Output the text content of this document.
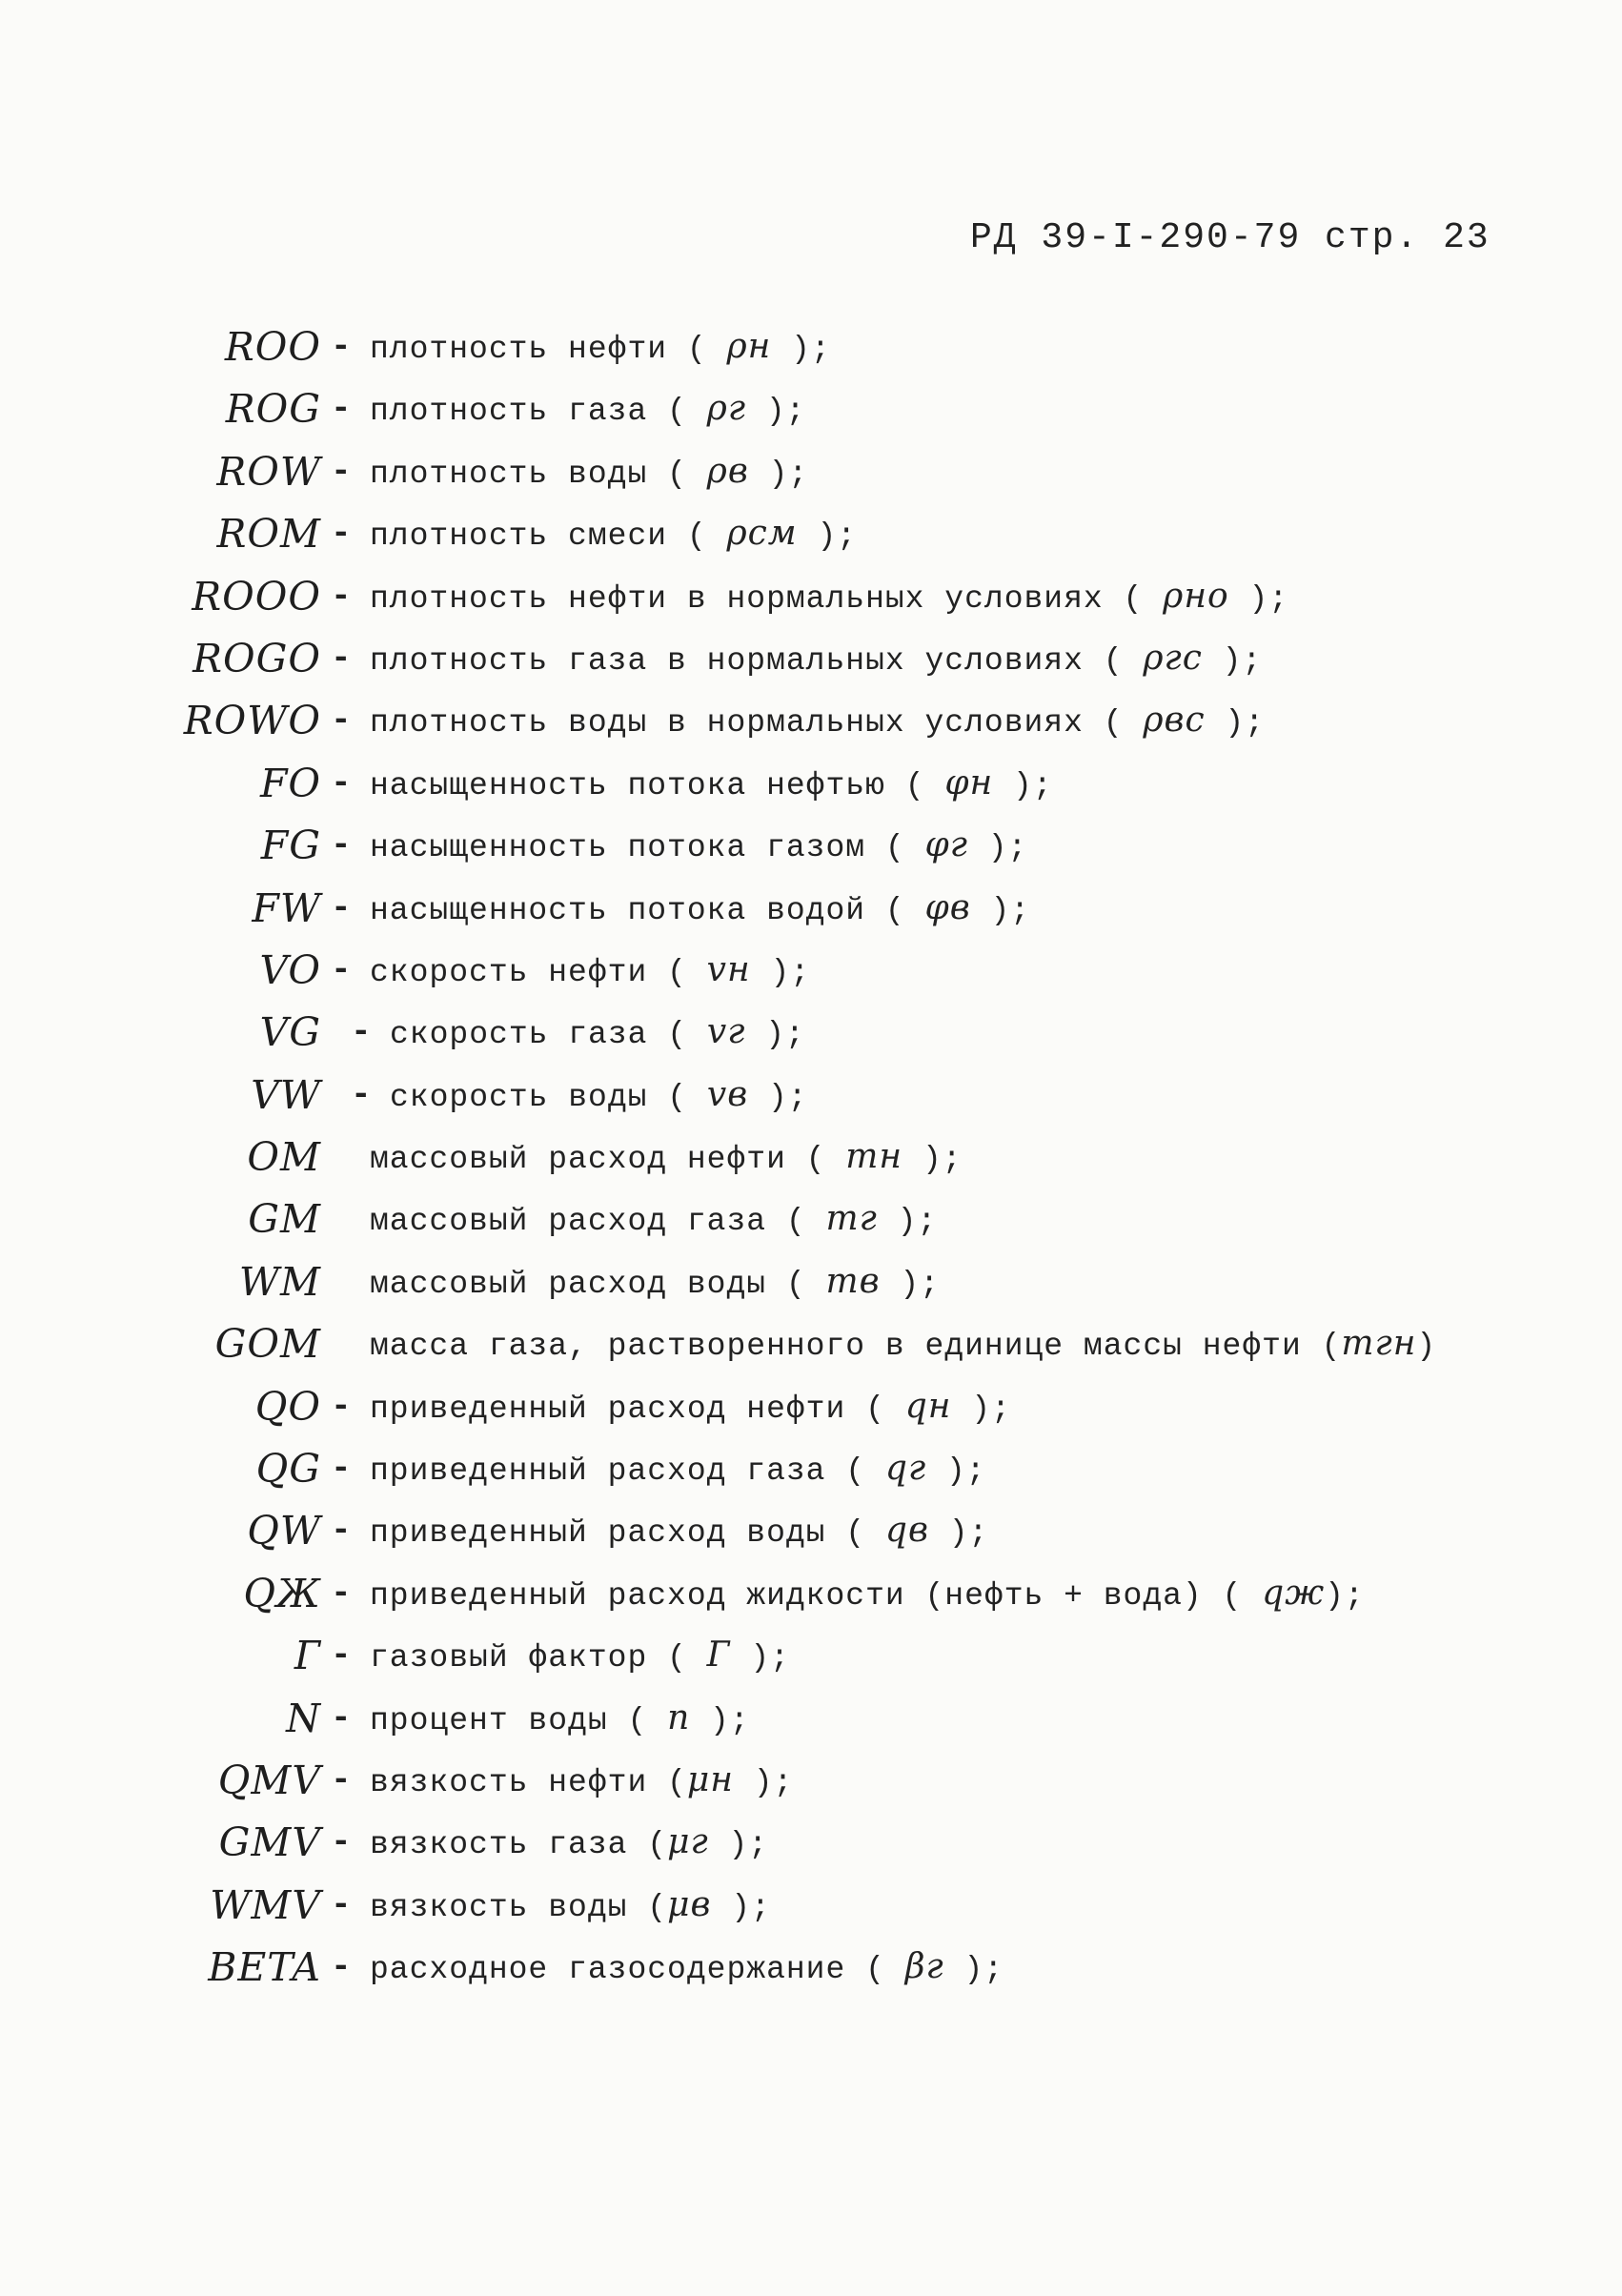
РД 39-I-290-79 стр. 23
ROO - плотность нефти ( ρн );
ROG - плотность газа ( ρг );
ROW - плотность воды ( ρв );
ROM - плотность смеси ( ρсм );
ROOO - плотность нефти в нормальных условиях ( ρно );
ROGO - плотность газа в нормальных условиях ( ρгс );
ROWO - плотность воды в нормальных условиях ( ρвс );
FO - насыщенность потока нефтью ( φн );
FG - насыщенность потока газом ( φг );
FW - насыщенность потока водой ( φв );
VO - скорость нефти ( vн );
VG - скорость газа ( vг );
VW - скорость воды ( vв );
OM массовый расход нефти ( mн );
GM массовый расход газа ( mг );
WM массовый расход воды ( mв );
GOM масса газа, растворенного в единице массы нефти (mгн)
QO - приведенный расход нефти ( qн );
QG - приведенный расход газа ( qг );
QW - приведенный расход воды ( qв );
QЖ - приведенный расход жидкости (нефть + вода) ( qж);
Г - газовый фактор ( Г );
N - процент воды ( n );
QMV - вязкость нефти (μн );
GMV - вязкость газа (μг );
WMV - вязкость воды (μв );
BETA - расходное газосодержание ( βг );
